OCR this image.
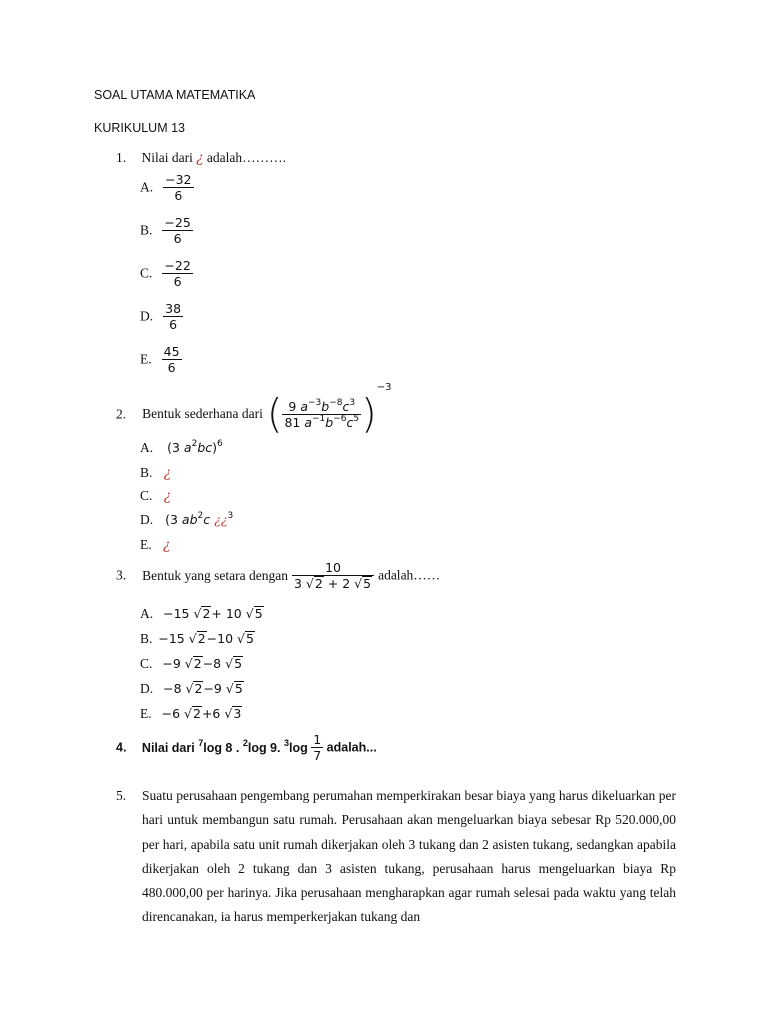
SOAL UTAMA MATEMATIKA
KURIKULUM 13
1. Nilai dari ¿ adalah……….
A. $\frac{-32}{6}$
B. $\frac{-25}{6}$
C. $\frac{-22}{6}$
D. $\frac{38}{6}$
E. $\frac{45}{6}$
2. Bentuk sederhana dari ( $\frac{9 a^{-3}b^{-8}c^3}{81 a^{-1}b^{-6}c^5} )^{-3}$
A. (3 $a^2bc)^6$
B. ¿
C. ¿
D. (3 $ab^2c$ ¿¿$^3$
E. ¿
3. Bentuk yang setara dengan $\frac{10}{3 √2 + 2 √5}$ adalah……
A. −15 √2+ 10 √5
B. −15 √2−10 √5
C. −9 √2−8 √5
D. −8 √2−9 √5
E. −6 √2+6 √3
4. Nilai dari $^7$log 8 . $^2$log 9. $^3\log \frac{1}{7}$ adalah...
5. Suatu perusahaan pengembang perumahan memperkirakan besar biaya yang harus dikeluarkan per hari untuk membangun satu rumah. Perusahaan akan mengeluarkan biaya sebesar Rp 520.000,00 per hari, apabila satu unit rumah dikerjakan oleh 3 tukang dan 2 asisten tukang, sedangkan apabila dikerjakan oleh 2 tukang dan 3 asisten tukang, perusahaan harus mengeluarkan biaya Rp 480.000,00 per harinya. Jika perusahaan mengharapkan agar rumah selesai pada waktu yang telah direncanakan, ia harus memperkerjakan tukang dan
